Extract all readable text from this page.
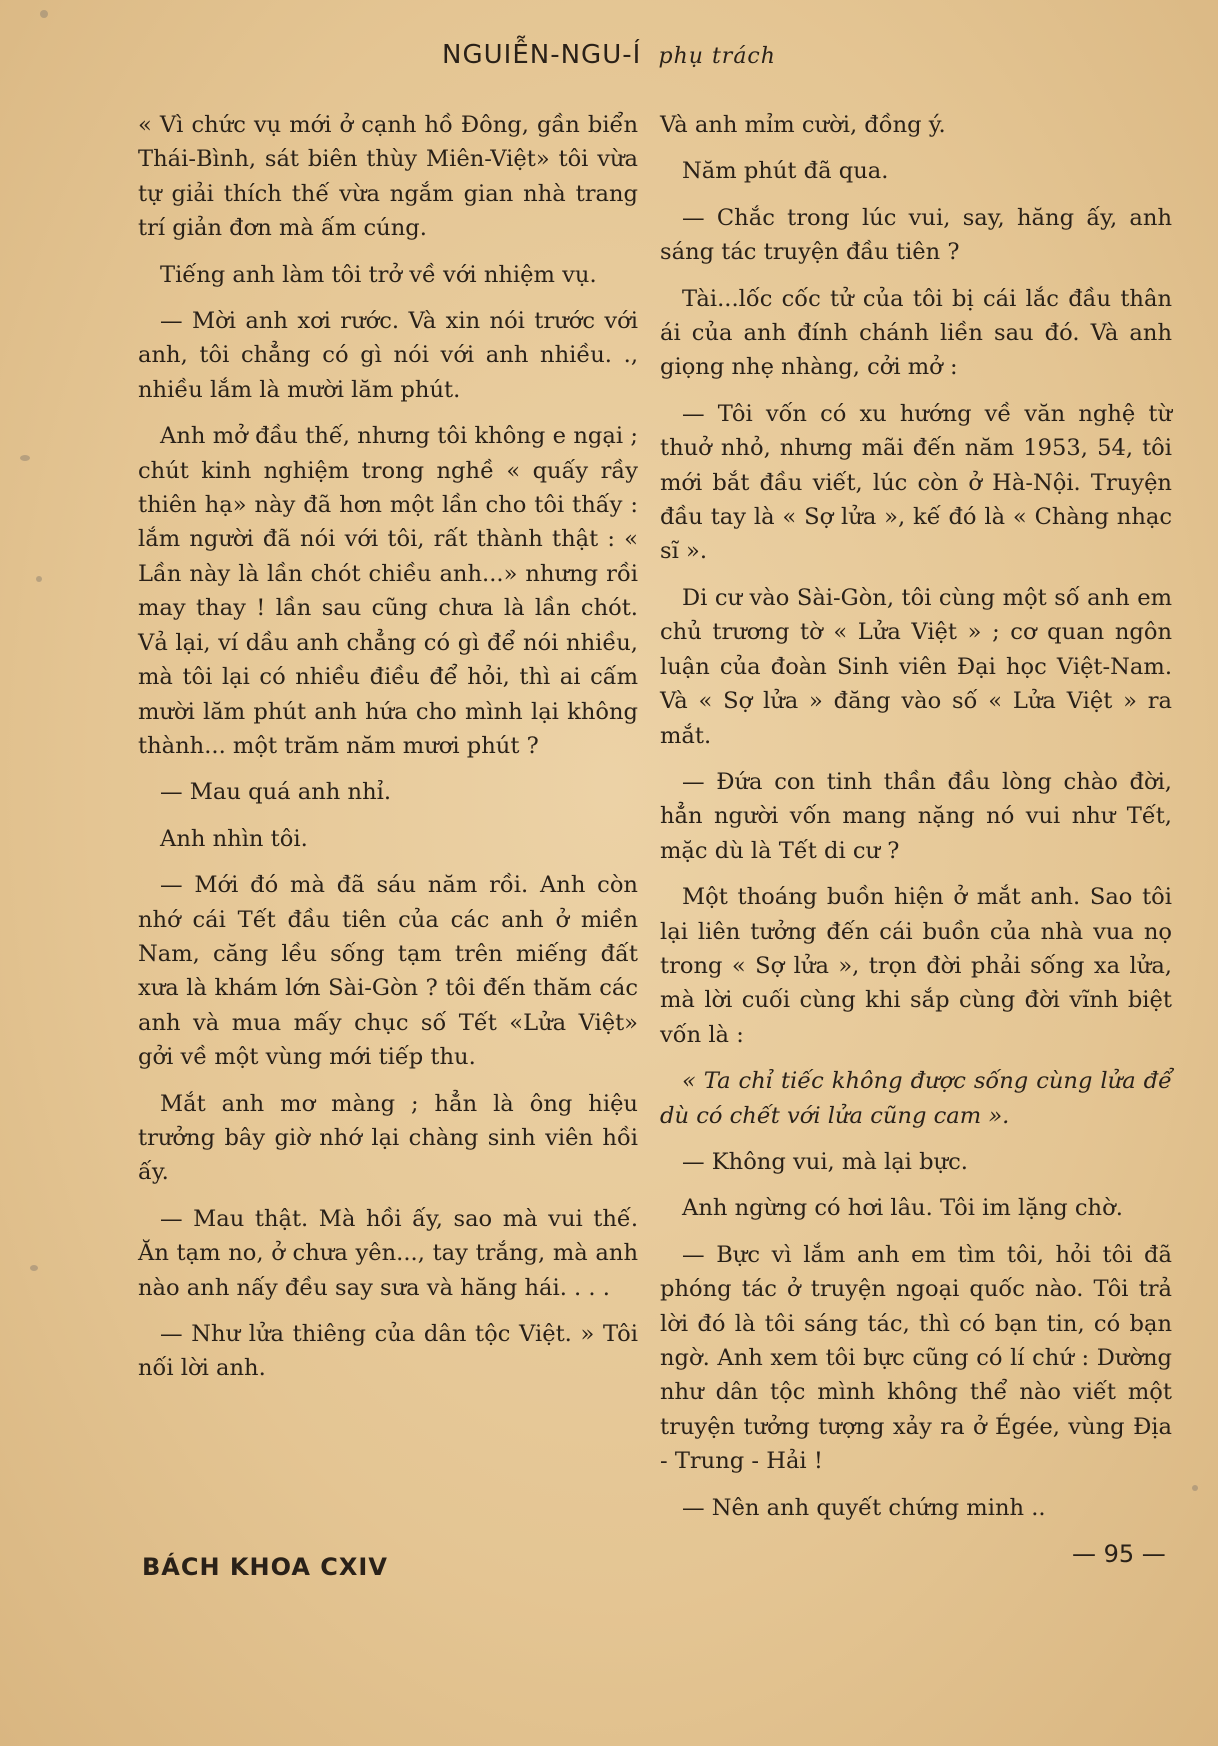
NGUIỄN-NGU-Í phụ trách

« Vì chức vụ mới ở cạnh hồ Đông, gần biển Thái-Bình, sát biên thùy Miên-Việt» tôi vừa tự giải thích thế vừa ngắm gian nhà trang trí giản đơn mà ấm cúng.

Tiếng anh làm tôi trở về với nhiệm vụ.

— Mời anh xơi rước. Và xin nói trước với anh, tôi chẳng có gì nói với anh nhiều. ., nhiều lắm là mười lăm phút.

Anh mở đầu thế, nhưng tôi không e ngại ; chút kinh nghiệm trong nghề « quấy rầy thiên hạ» này đã hơn một lần cho tôi thấy : lắm người đã nói với tôi, rất thành thật : « Lần này là lần chót chiều anh...» nhưng rồi may thay ! lần sau cũng chưa là lần chót. Vả lại, ví dầu anh chẳng có gì để nói nhiều, mà tôi lại có nhiều điều để hỏi, thì ai cấm mười lăm phút anh hứa cho mình lại không thành... một trăm năm mươi phút ?

— Mau quá anh nhỉ.

Anh nhìn tôi.

— Mới đó mà đã sáu năm rồi. Anh còn nhớ cái Tết đầu tiên của các anh ở miền Nam, căng lều sống tạm trên miếng đất xưa là khám lớn Sài-Gòn ? tôi đến thăm các anh và mua mấy chục số Tết «Lửa Việt» gởi về một vùng mới tiếp thu.

Mắt anh mơ màng ; hẳn là ông hiệu trưởng bây giờ nhớ lại chàng sinh viên hồi ấy.

— Mau thật. Mà hồi ấy, sao mà vui thế. Ăn tạm no, ở chưa yên..., tay trắng, mà anh nào anh nấy đều say sưa và hăng hái. . . .

— Như lửa thiêng của dân tộc Việt. » Tôi nối lời anh.

Và anh mỉm cười, đồng ý.

Năm phút đã qua.

— Chắc trong lúc vui, say, hăng ấy, anh sáng tác truyện đầu tiên ?

Tài...lốc cốc tử của tôi bị cái lắc đầu thân ái của anh đính chánh liền sau đó. Và anh giọng nhẹ nhàng, cởi mở :

— Tôi vốn có xu hướng về văn nghệ từ thuở nhỏ, nhưng mãi đến năm 1953, 54, tôi mới bắt đầu viết, lúc còn ở Hà-Nội. Truyện đầu tay là « Sợ lửa », kế đó là « Chàng nhạc sĩ ».

Di cư vào Sài-Gòn, tôi cùng một số anh em chủ trương tờ « Lửa Việt » ; cơ quan ngôn luận của đoàn Sinh viên Đại học Việt-Nam. Và « Sợ lửa » đăng vào số « Lửa Việt » ra mắt.

— Đứa con tinh thần đầu lòng chào đời, hẳn người vốn mang nặng nó vui như Tết, mặc dù là Tết di cư ?

Một thoáng buồn hiện ở mắt anh. Sao tôi lại liên tưởng đến cái buồn của nhà vua nọ trong « Sợ lửa », trọn đời phải sống xa lửa, mà lời cuối cùng khi sắp cùng đời vĩnh biệt vốn là :

« Ta chỉ tiếc không được sống cùng lửa để dù có chết với lửa cũng cam ».

— Không vui, mà lại bực.

Anh ngừng có hơi lâu. Tôi im lặng chờ.

— Bực vì lắm anh em tìm tôi, hỏi tôi đã phóng tác ở truyện ngoại quốc nào. Tôi trả lời đó là tôi sáng tác, thì có bạn tin, có bạn ngờ. Anh xem tôi bực cũng có lí chứ : Dường như dân tộc mình không thể nào viết một truyện tưởng tượng xảy ra ở Égée, vùng Địa - Trung - Hải !

— Nên anh quyết chứng minh ..

BÁCH KHOA CXIV	— 95 —
